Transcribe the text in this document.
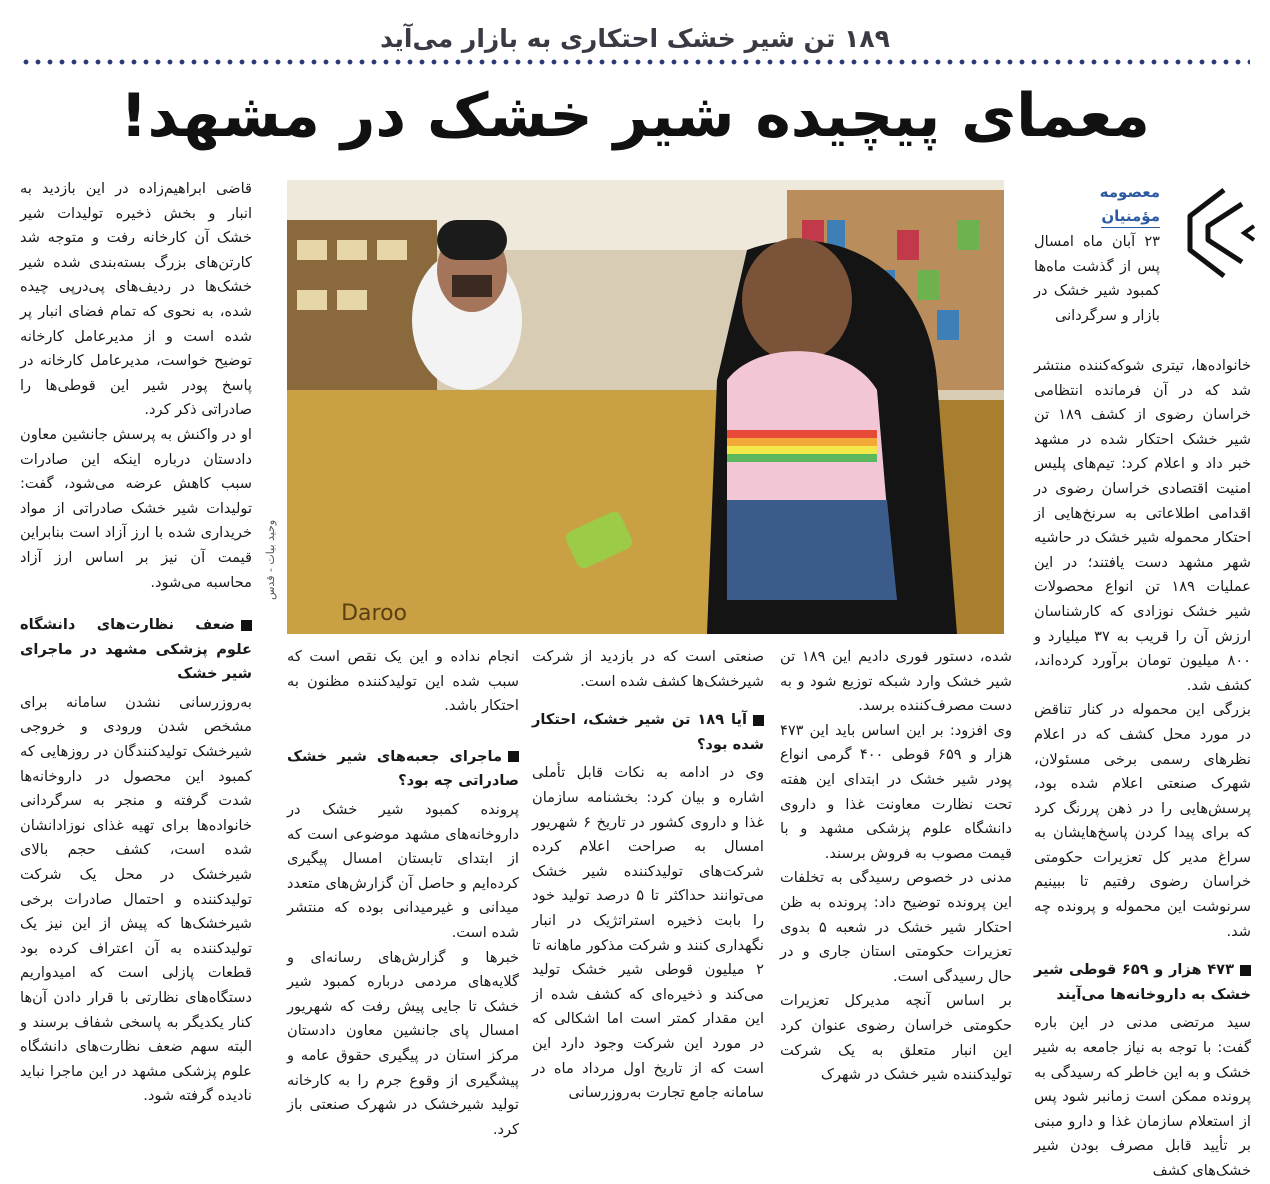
۱۸۹ تن شیر خشک احتکاری به بازار می‌آید
معمای پیچیده شیر خشک در مشهد!
معصومه
مؤمنیان

۲۳ آبان ماه امسال پس از گذشت ماه‌ها کمبود شیر خشک در بازار و سرگردانی

خانواده‌ها، تیتری شوکه‌کننده منتشر شد که در آن فرمانده انتظامی خراسان رضوی از کشف ۱۸۹ تن شیر خشک احتکار شده در مشهد خبر داد و اعلام کرد: تیم‌های پلیس امنیت اقتصادی خراسان رضوی در اقدامی اطلاعاتی به سرنخ‌هایی از احتکار محموله شیر خشک در حاشیه شهر مشهد دست یافتند؛ در این عملیات ۱۸۹ تن انواع محصولات شیر خشک نوزادی که کارشناسان ارزش آن را قریب به ۳۷ میلیارد و ۸۰۰ میلیون تومان برآورد کرده‌اند، کشف شد.

بزرگی این محموله در کنار تناقض در مورد محل کشف که در اعلام نظرهای رسمی برخی مسئولان، شهرک صنعتی اعلام شده بود، پرسش‌هایی را در ذهن پررنگ کرد که برای پیدا کردن پاسخ‌هایشان به سراغ مدیر کل تعزیرات حکومتی خراسان رضوی رفتیم تا ببینیم سرنوشت این محموله و پرونده چه شد.

۴۷۳ هزار و ۶۵۹ قوطی شیر خشک به داروخانه‌ها می‌آیند

سید مرتضی مدنی در این باره گفت: با توجه به نیاز جامعه به شیر خشک و به این خاطر که رسیدگی به پرونده ممکن است زمانبر شود پس از استعلام سازمان غذا و دارو مبنی بر تأیید قابل مصرف بودن شیر خشک‌های کشف

Daroo
وحید بیات - قدس

قاضی ابراهیم‌زاده در این بازدید به انبار و بخش ذخیره تولیدات شیر خشک آن کارخانه رفت و متوجه شد کارتن‌های بزرگ بسته‌بندی شده شیر خشک‌ها در ردیف‌های پی‌درپی چیده شده، به نحوی که تمام فضای انبار پر شده است و از مدیرعامل کارخانه توضیح خواست، مدیرعامل کارخانه در پاسخ پودر شیر این قوطی‌ها را صادراتی ذکر کرد.

او در واکنش به پرسش جانشین معاون دادستان درباره اینکه این صادرات سبب کاهش عرضه می‌شود، گفت: تولیدات شیر خشک صادراتی از مواد خریداری شده با ارز آزاد است بنابراین قیمت آن نیز بر اساس ارز آزاد محاسبه می‌شود.

ضعف نظارت‌های دانشگاه علوم پزشکی مشهد در ماجرای شیر خشک

به‌روزرسانی نشدن سامانه برای مشخص شدن ورودی و خروجی شیرخشک تولیدکنندگان در روزهایی که کمبود این محصول در داروخانه‌ها شدت گرفته و منجر به سرگردانی خانواده‌ها برای تهیه غذای نوزادانشان شده است، کشف حجم بالای شیرخشک در محل یک شرکت تولیدکننده و احتمال صادرات برخی شیرخشک‌ها که پیش از این نیز یک تولیدکننده به آن اعتراف کرده بود قطعات پازلی است که امیدواریم دستگاه‌های نظارتی با قرار دادن آن‌ها کنار یکدیگر به پاسخی شفاف برسند و البته سهم ضعف نظارت‌های دانشگاه علوم پزشکی مشهد در این ماجرا نباید نادیده گرفته شود.

شده، دستور فوری دادیم این ۱۸۹ تن شیر خشک وارد شبکه توزیع شود و به دست مصرف‌کننده برسد.

وی افزود: بر این اساس باید این ۴۷۳ هزار و ۶۵۹ قوطی ۴۰۰ گرمی انواع پودر شیر خشک در ابتدای این هفته تحت نظارت معاونت غذا و داروی دانشگاه علوم پزشکی مشهد و با قیمت مصوب به فروش برسند.

مدنی در خصوص رسیدگی به تخلفات این پرونده توضیح داد: پرونده به ظن احتکار شیر خشک در شعبه ۵ بدوی تعزیرات حکومتی استان جاری و در حال رسیدگی است.

بر اساس آنچه مدیرکل تعزیرات حکومتی خراسان رضوی عنوان کرد این انبار متعلق به یک شرکت تولیدکننده شیر خشک در شهرک

صنعتی است که در بازدید از شرکت شیرخشک‌ها کشف شده است.

آیا ۱۸۹ تن شیر خشک، احتکار شده بود؟

وی در ادامه به نکات قابل تأملی اشاره و بیان کرد: بخشنامه سازمان غذا و داروی کشور در تاریخ ۶ شهریور امسال به صراحت اعلام کرده شرکت‌های تولیدکننده شیر خشک می‌توانند حداکثر تا ۵ درصد تولید خود را بابت ذخیره استراتژیک در انبار نگهداری کنند و شرکت مذکور ماهانه تا ۲ میلیون قوطی شیر خشک تولید می‌کند و ذخیره‌ای که کشف شده از این مقدار کمتر است اما اشکالی که در مورد این شرکت وجود دارد این است که از تاریخ اول مرداد ماه در سامانه جامع تجارت به‌روزرسانی

انجام نداده و این یک نقص است که سبب شده این تولیدکننده مظنون به احتکار باشد.

ماجرای جعبه‌های شیر خشک صادراتی چه بود؟

پرونده کمبود شیر خشک در داروخانه‌های مشهد موضوعی است که از ابتدای تابستان امسال پیگیری کرده‌ایم و حاصل آن گزارش‌های متعدد میدانی و غیرمیدانی بوده که منتشر شده است.

خبرها و گزارش‌های رسانه‌ای و گلایه‌های مردمی درباره کمبود شیر خشک تا جایی پیش رفت که شهریور امسال پای جانشین معاون دادستان مرکز استان در پیگیری حقوق عامه و پیشگیری از وقوع جرم را به کارخانه تولید شیرخشک در شهرک صنعتی باز کرد.
